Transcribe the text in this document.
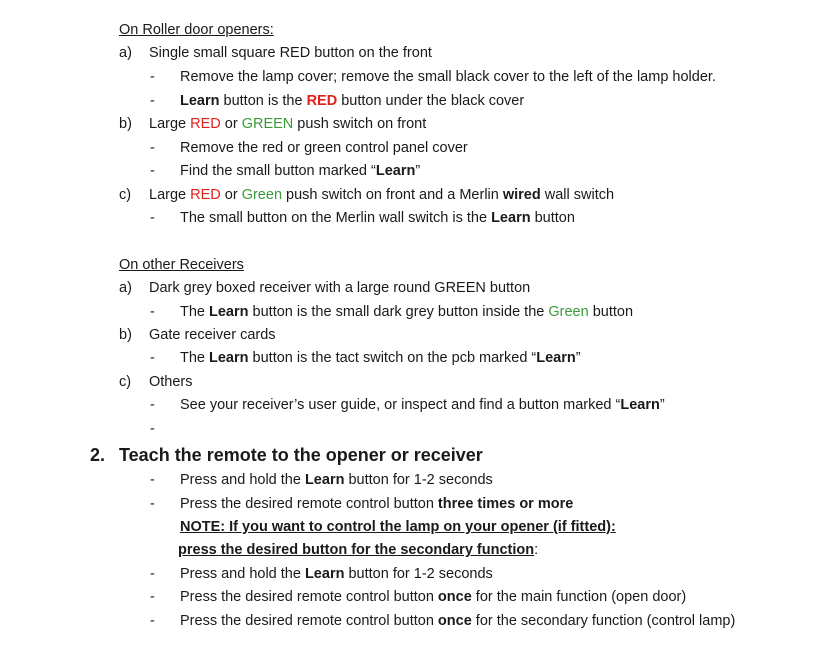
On Roller door openers:
a) Single small square RED button on the front
- Remove the lamp cover; remove the small black cover to the left of the lamp holder.
- Learn button is the RED button under the black cover
b) Large RED or GREEN push switch on front
- Remove the red or green control panel cover
- Find the small button marked “Learn”
c) Large RED or Green push switch on front and a Merlin wired wall switch
- The small button on the Merlin wall switch is the Learn button
On other Receivers
a) Dark grey boxed receiver with a large round GREEN button
- The Learn button is the small dark grey button inside the Green button
b) Gate receiver cards
- The Learn button is the tact switch on the pcb marked “Learn”
c) Others
- See your receiver’s user guide, or inspect and find a button marked “Learn”
-
2. Teach the remote to the opener or receiver
- Press and hold the Learn button for 1-2 seconds
- Press the desired remote control button three times or more
NOTE: If you want to control the lamp on your opener (if fitted):
press the desired button for the secondary function:
- Press and hold the Learn button for 1-2 seconds
- Press the desired remote control button once for the main function (open door)
- Press the desired remote control button once for the secondary function (control lamp)
